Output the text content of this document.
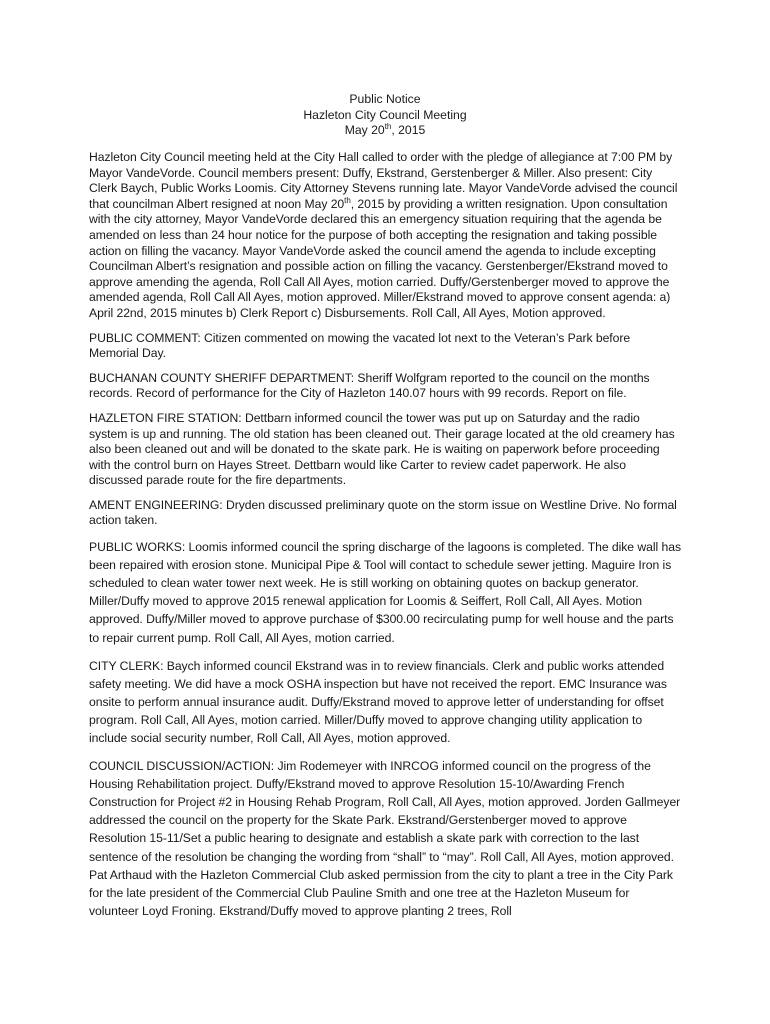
Public Notice
Hazleton City Council Meeting
May 20th, 2015

Hazleton City Council meeting held at the City Hall called to order with the pledge of allegiance at 7:00 PM by Mayor VandeVorde. Council members present: Duffy, Ekstrand, Gerstenberger & Miller. Also present: City Clerk Baych, Public Works Loomis. City Attorney Stevens running late. Mayor VandeVorde advised the council that councilman Albert resigned at noon May 20th, 2015 by providing a written resignation. Upon consultation with the city attorney, Mayor VandeVorde declared this an emergency situation requiring that the agenda be amended on less than 24 hour notice for the purpose of both accepting the resignation and taking possible action on filling the vacancy. Mayor VandeVorde asked the council amend the agenda to include excepting Councilman Albert’s resignation and possible action on filling the vacancy. Gerstenberger/Ekstrand moved to approve amending the agenda, Roll Call All Ayes, motion carried. Duffy/Gerstenberger moved to approve the amended agenda, Roll Call All Ayes, motion approved. Miller/Ekstrand moved to approve consent agenda: a) April 22nd, 2015 minutes b) Clerk Report c) Disbursements. Roll Call, All Ayes, Motion approved.

PUBLIC COMMENT: Citizen commented on mowing the vacated lot next to the Veteran’s Park before Memorial Day.

BUCHANAN COUNTY SHERIFF DEPARTMENT: Sheriff Wolfgram reported to the council on the months records. Record of performance for the City of Hazleton 140.07 hours with 99 records. Report on file.

HAZLETON FIRE STATION: Dettbarn informed council the tower was put up on Saturday and the radio system is up and running. The old station has been cleaned out. Their garage located at the old creamery has also been cleaned out and will be donated to the skate park. He is waiting on paperwork before proceeding with the control burn on Hayes Street. Dettbarn would like Carter to review cadet paperwork. He also discussed parade route for the fire departments.

AMENT ENGINEERING: Dryden discussed preliminary quote on the storm issue on Westline Drive. No formal action taken.

PUBLIC WORKS: Loomis informed council the spring discharge of the lagoons is completed. The dike wall has been repaired with erosion stone. Municipal Pipe & Tool will contact to schedule sewer jetting. Maguire Iron is scheduled to clean water tower next week. He is still working on obtaining quotes on backup generator. Miller/Duffy moved to approve 2015 renewal application for Loomis & Seiffert, Roll Call, All Ayes. Motion approved. Duffy/Miller moved to approve purchase of $300.00 recirculating pump for well house and the parts to repair current pump. Roll Call, All Ayes, motion carried.

CITY CLERK: Baych informed council Ekstrand was in to review financials. Clerk and public works attended safety meeting. We did have a mock OSHA inspection but have not received the report. EMC Insurance was onsite to perform annual insurance audit. Duffy/Ekstrand moved to approve letter of understanding for offset program. Roll Call, All Ayes, motion carried. Miller/Duffy moved to approve changing utility application to include social security number, Roll Call, All Ayes, motion approved.

COUNCIL DISCUSSION/ACTION: Jim Rodemeyer with INRCOG informed council on the progress of the Housing Rehabilitation project. Duffy/Ekstrand moved to approve Resolution 15-10/Awarding French Construction for Project #2 in Housing Rehab Program, Roll Call, All Ayes, motion approved. Jorden Gallmeyer addressed the council on the property for the Skate Park. Ekstrand/Gerstenberger moved to approve Resolution 15-11/Set a public hearing to designate and establish a skate park with correction to the last sentence of the resolution be changing the wording from “shall” to “may”. Roll Call, All Ayes, motion approved. Pat Arthaud with the Hazleton Commercial Club asked permission from the city to plant a tree in the City Park for the late president of the Commercial Club Pauline Smith and one tree at the Hazleton Museum for volunteer Loyd Froning. Ekstrand/Duffy moved to approve planting 2 trees, Roll
